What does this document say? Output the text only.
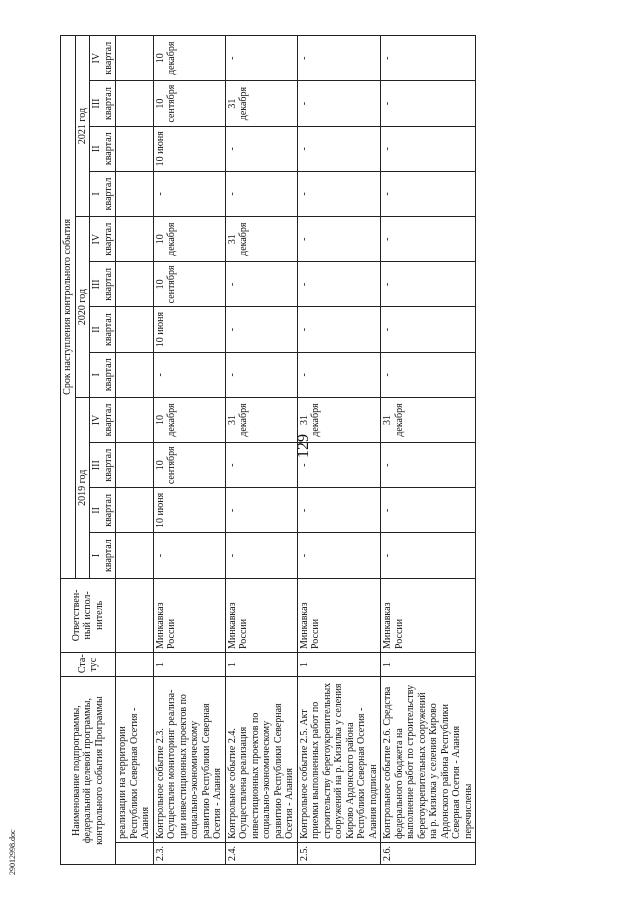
129
29012998.doc
Наименование подпрограммы, федеральной целевой программы, контрольного события Программы		Ста-тус	Ответствен-ный испол-нитель	Срок наступления контрольного события											
				2019 год				2020 год				2021 год			
				I квартал	II квартал	III квартал	IV квартал	I квартал	II квартал	III квартал	IV квартал	I квартал	II квартал	III квартал	IV квартал
	реализации на территории Республики Северная Осетия - Алания														
2.3.	Контрольное событие 2.3. Осуществлен мониторинг реализа-ции инвестиционных проектов по социально-экономическому развитию Республики Северная Осетия - Алания	1	Минкавказ России	-	10 июня	10 сентября	10 декабря	-	10 июня	10 сентября	10 декабря	-	10 июня	10 сентября	10 декабря
2.4.	Контрольное событие 2.4. Осуществлена реализация инвестиционных проектов по социально-экономическому развитию Республики Северная Осетия - Алания	1	Минкавказ России	-	-	-	31 декабря	-	-	-	31 декабря	-	-	31 декабря	-
2.5.	Контрольное событие 2.5. Акт приемки выполненных работ по строительству берегоукрепительных сооружений на р. Кизилка у селения Кирово Ардонского района Республики Северная Осетия - Алания подписан	1	Минкавказ России	-	-	-	31 декабря	-	-	-	-	-	-	-	-
2.6.	Контрольное событие 2.6. Средства федерального бюджета на выполнение работ по строительству берегоукрепительных сооружений на р. Кизилка у селения Кирово Ардонского района Республики Северная Осетия - Алания перечислены	1	Минкавказ России	-	-	-	31 декабря	-	-	-	-	-	-	-	-
